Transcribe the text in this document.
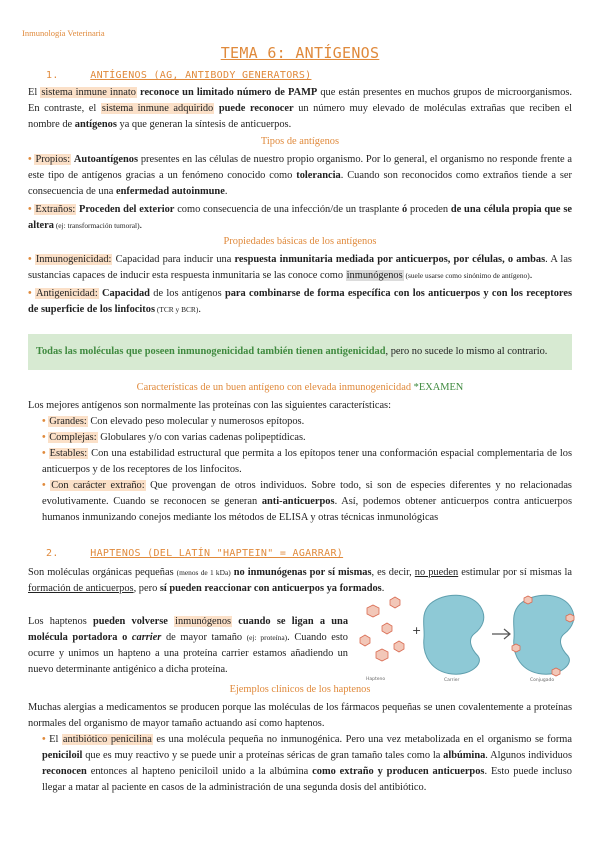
Inmunología Veterinaria
TEMA 6: ANTÍGENOS
1.	ANTÍGENOS (AG, ANTIBODY GENERATORS)

El sistema inmune innato reconoce un limitado número de PAMP que están presentes en muchos grupos de microorganismos. En contraste, el sistema inmune adquirido puede reconocer un número muy elevado de moléculas extrañas que reciben el nombre de antígenos ya que generan la síntesis de anticuerpos.

Tipos de antígenos

• Propios: Autoantígenos presentes en las células de nuestro propio organismo. Por lo general, el organismo no responde frente a este tipo de antígenos gracias a un fenómeno conocido como tolerancia. Cuando son reconocidos como extraños tiende a ser consecuencia de una enfermedad autoinmune.

• Extraños: Proceden del exterior como consecuencia de una infección/de un trasplante ó proceden de una célula propia que se altera (ej: transformación tumoral).

Propiedades básicas de los antígenos

• Inmunogenicidad: Capacidad para inducir una respuesta inmunitaria mediada por anticuerpos, por células, o ambas. A las sustancias capaces de inducir esta respuesta inmunitaria se las conoce como inmunógenos (suele usarse como sinónimo de antígeno).

• Antigenicidad: Capacidad de los antígenos para combinarse de forma específica con los anticuerpos y con los receptores de superficie de los linfocitos (TCR y BCR).

Todas las moléculas que poseen inmunogenicidad también tienen antigenicidad, pero no sucede lo mismo al contrario.

Características de un buen antígeno con elevada inmunogenicidad *EXAMEN

Los mejores antígenos son normalmente las proteínas con las siguientes características:

• Grandes: Con elevado peso molecular y numerosos epítopos.

• Complejas: Globulares y/o con varias cadenas polipeptídicas.

• Estables: Con una estabilidad estructural que permita a los epítopos tener una conformación espacial complementaria de los anticuerpos y de los receptores de los linfocitos.

• Con carácter extraño: Que provengan de otros individuos. Sobre todo, si son de especies diferentes y no relacionadas evolutivamente. Cuando se reconocen se generan anti-anticuerpos. Así, podemos obtener anticuerpos contra anticuerpos humanos inmunizando conejos mediante los métodos de ELISA y otras técnicas inmunológicas

2.	HAPTENOS (DEL LATÍN "HAPTEIN" = AGARRAR)

Son moléculas orgánicas pequeñas (menos de 1 kDa) no inmunógenas por sí mismas, es decir, no pueden estimular por sí mismas la formación de anticuerpos, pero sí pueden reaccionar con anticuerpos ya formados.

Los haptenos pueden volverse inmunógenos cuando se ligan a una molécula portadora o carrier de mayor tamaño (ej: proteína). Cuando esto ocurre y unimos un hapteno a una proteína carrier estamos añadiendo un nuevo determinante antigénico a dicha proteína.

+
Hapteno	Carrier	Conjugado
Ejemplos clínicos de los haptenos

Muchas alergias a medicamentos se producen porque las moléculas de los fármacos pequeñas se unen covalentemente a proteínas normales del organismo de mayor tamaño actuando así como haptenos.

• El antibiótico penicilina es una molécula pequeña no inmunogénica. Pero una vez metabolizada en el organismo se forma peniciloil que es muy reactivo y se puede unir a proteínas séricas de gran tamaño tales como la albúmina. Algunos individuos reconocen entonces al hapteno peniciloil unido a la albúmina como extraño y producen anticuerpos. Esto puede incluso llegar a matar al paciente en casos de la administración de una segunda dosis del antibiótico.
